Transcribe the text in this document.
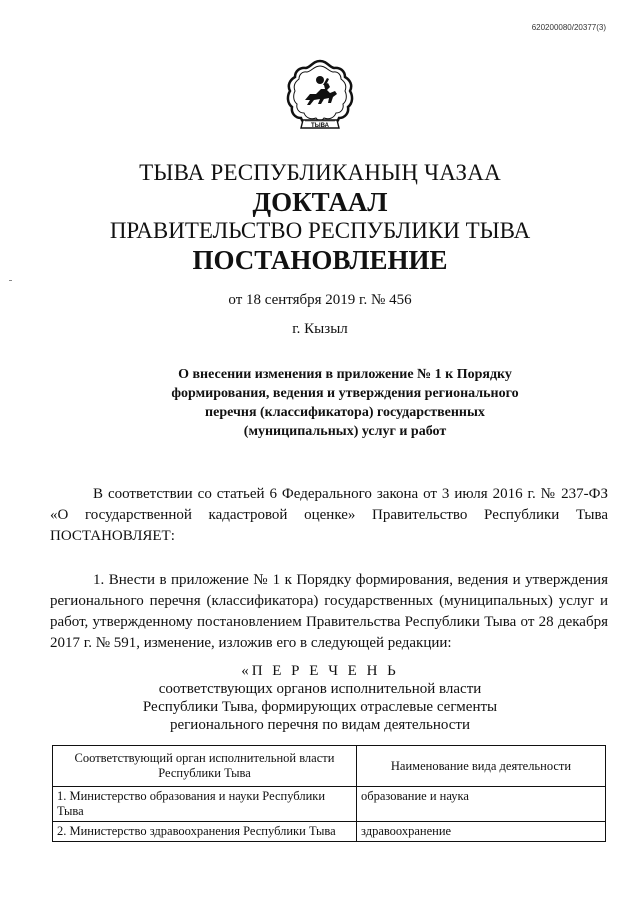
620200080/20377(3)
ТЫВА
ТЫВА РЕСПУБЛИКАНЫҢ ЧАЗАА
ДОКТААЛ
ПРАВИТЕЛЬСТВО РЕСПУБЛИКИ ТЫВА
ПОСТАНОВЛЕНИЕ
от 18 сентября 2019 г. № 456
г. Кызыл
О внесении изменения в приложение № 1 к Порядку
формирования, ведения и утверждения регионального
перечня (классификатора) государственных
(муниципальных) услуг и работ
В соответствии со статьей 6 Федерального закона от 3 июля 2016 г. № 237-ФЗ «О государственной кадастровой оценке» Правительство Республики Тыва ПОСТАНОВЛЯЕТ:
1. Внести в приложение № 1 к Порядку формирования, ведения и утверждения регионального перечня (классификатора) государственных (муниципальных) услуг и работ, утвержденному постановлением Правительства Республики Тыва от 28 декабря 2017 г. № 591, изменение, изложив его в следующей редакции:
«П Е Р Е Ч Е Н Ь
соответствующих органов исполнительной власти
Республики Тыва, формирующих отраслевые сегменты
регионального перечня по видам деятельности
Соответствующий орган исполнительной власти Республики Тыва	Наименование вида деятельности
1. Министерство образования и науки Республики Тыва	образование и наука
2. Министерство здравоохранения Республики Тыва	здравоохранение
